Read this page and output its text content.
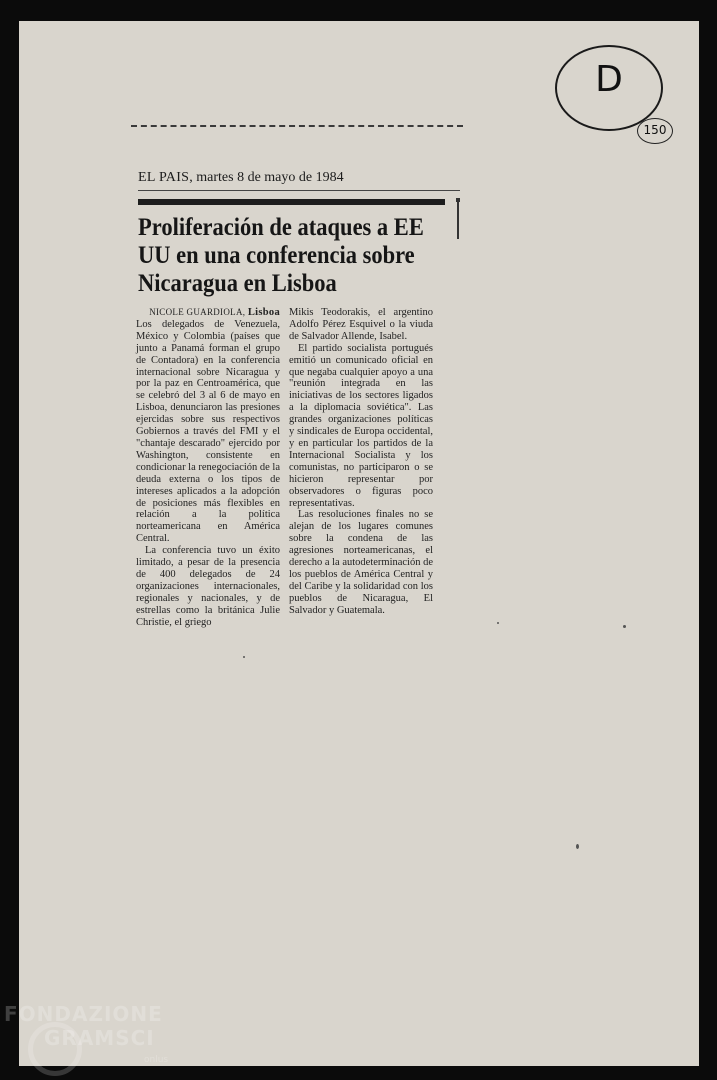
D
150
EL PAIS, martes 8 de mayo de 1984
Proliferación de ataques a EE UU en una conferencia sobre Nicaragua en Lisboa
NICOLE GUARDIOLA, Lisboa

Los delegados de Venezuela, México y Colombia (países que junto a Panamá forman el grupo de Contadora) en la conferencia internacional sobre Nicaragua y por la paz en Centroamérica, que se celebró del 3 al 6 de mayo en Lisboa, denunciaron las presiones ejercidas sobre sus respectivos Gobiernos a través del FMI y el "chantaje descarado" ejercido por Washington, consistente en condicionar la renegociación de la deuda externa o los tipos de intereses aplicados a la adopción de posiciones más flexibles en relación a la política norteamericana en América Central.

La conferencia tuvo un éxito limitado, a pesar de la presencia de 400 delegados de 24 organizaciones internacionales, regionales y nacionales, y de estrellas como la británica Julie Christie, el griego

Mikis Teodorakis, el argentino Adolfo Pérez Esquivel o la viuda de Salvador Allende, Isabel.

El partido socialista portugués emitió un comunicado oficial en que negaba cualquier apoyo a una "reunión integrada en las iniciativas de los sectores ligados a la diplomacia soviética". Las grandes organizaciones políticas y sindicales de Europa occidental, y en particular los partidos de la Internacional Socialista y los comunistas, no participaron o se hicieron representar por observadores o figuras poco representativas.

Las resoluciones finales no se alejan de los lugares comunes sobre la condena de las agresiones norteamericanas, el derecho a la autodeterminación de los pueblos de América Central y del Caribe y la solidaridad con los pueblos de Nicaragua, El Salvador y Guatemala.

FONDAZIONE
GRAMSCI
onlus
